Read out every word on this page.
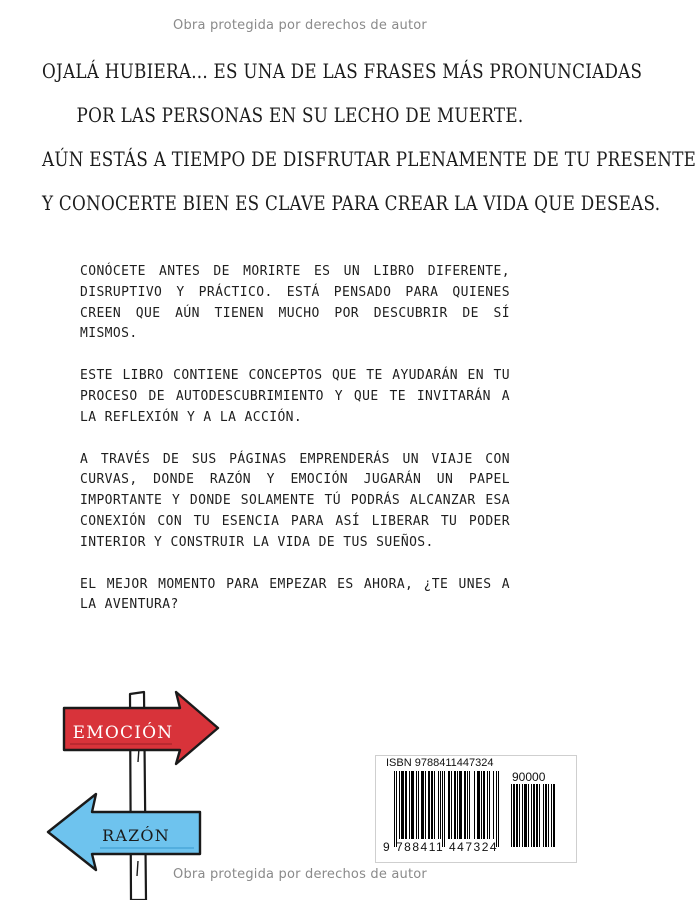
Obra protegida por derechos de autor
OJALÁ HUBIERA... ES UNA DE LAS FRASES MÁS PRONUNCIADAS
POR LAS PERSONAS EN SU LECHO DE MUERTE.
AÚN ESTÁS A TIEMPO DE DISFRUTAR PLENAMENTE DE TU PRESENTE
Y CONOCERTE BIEN ES CLAVE PARA CREAR LA VIDA QUE DESEAS.

CONÓCETE ANTES DE MORIRTE ES UN LIBRO DIFERENTE, DISRUPTIVO Y PRÁCTICO. ESTÁ PENSADO PARA QUIENES CREEN QUE AÚN TIENEN MUCHO POR DESCUBRIR DE SÍ MISMOS.

ESTE LIBRO CONTIENE CONCEPTOS QUE TE AYUDARÁN EN TU PROCESO DE AUTODESCUBRIMIENTO Y QUE TE INVITARÁN A LA REFLEXIÓN Y A LA ACCIÓN.

A TRAVÉS DE SUS PÁGINAS EMPRENDERÁS UN VIAJE CON CURVAS, DONDE RAZÓN Y EMOCIÓN JUGARÁN UN PAPEL IMPORTANTE Y DONDE SOLAMENTE TÚ PODRÁS ALCANZAR ESA CONEXIÓN CON TU ESENCIA PARA ASÍ LIBERAR TU PODER INTERIOR Y CONSTRUIR LA VIDA DE TUS SUEÑOS.

EL MEJOR MOMENTO PARA EMPEZAR ES AHORA, ¿TE UNES A LA AVENTURA?

EMOCIÓN
RAZÓN
ISBN 9788411447324
90000
9 788411 447324
Obra protegida por derechos de autor
